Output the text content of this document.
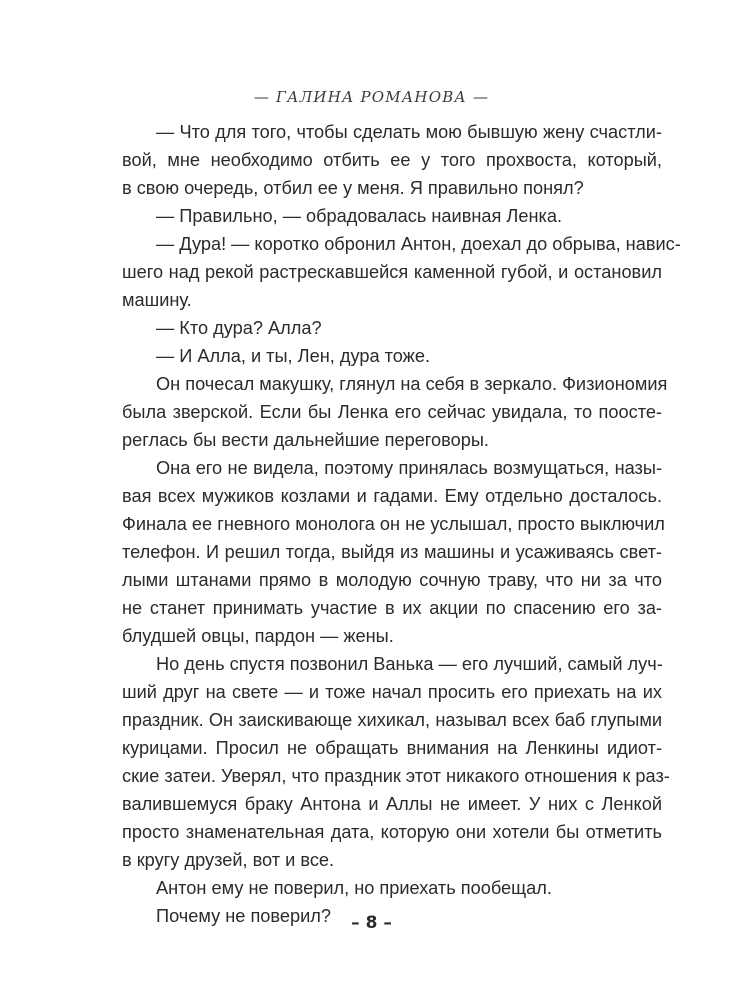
— ГАЛИНА РОМАНОВА —
— Что для того, чтобы сделать мою бывшую жену счастли-
вой, мне необходимо отбить ее у того прохвоста, который,
в свою очередь, отбил ее у меня. Я правильно понял?
— Правильно, — обрадовалась наивная Ленка.
— Дура! — коротко обронил Антон, доехал до обрыва, навис-
шего над рекой растрескавшейся каменной губой, и остановил
машину.
— Кто дура? Алла?
— И Алла, и ты, Лен, дура тоже.
Он почесал макушку, глянул на себя в зеркало. Физиономия
была зверской. Если бы Ленка его сейчас увидала, то поосте-
реглась бы вести дальнейшие переговоры.
Она его не видела, поэтому принялась возмущаться, назы-
вая всех мужиков козлами и гадами. Ему отдельно досталось.
Финала ее гневного монолога он не услышал, просто выключил
телефон. И решил тогда, выйдя из машины и усаживаясь свет-
лыми штанами прямо в молодую сочную траву, что ни за что
не станет принимать участие в их акции по спасению его за-
блудшей овцы, пардон — жены.
Но день спустя позвонил Ванька — его лучший, самый луч-
ший друг на свете — и тоже начал просить его приехать на их
праздник. Он заискивающе хихикал, называл всех баб глупыми
курицами. Просил не обращать внимания на Ленкины идиот-
ские затеи. Уверял, что праздник этот никакого отношения к раз-
валившемуся браку Антона и Аллы не имеет. У них с Ленкой
просто знаменательная дата, которую они хотели бы отметить
в кругу друзей, вот и все.
Антон ему не поверил, но приехать пообещал.
Почему не поверил?	– 8 –
